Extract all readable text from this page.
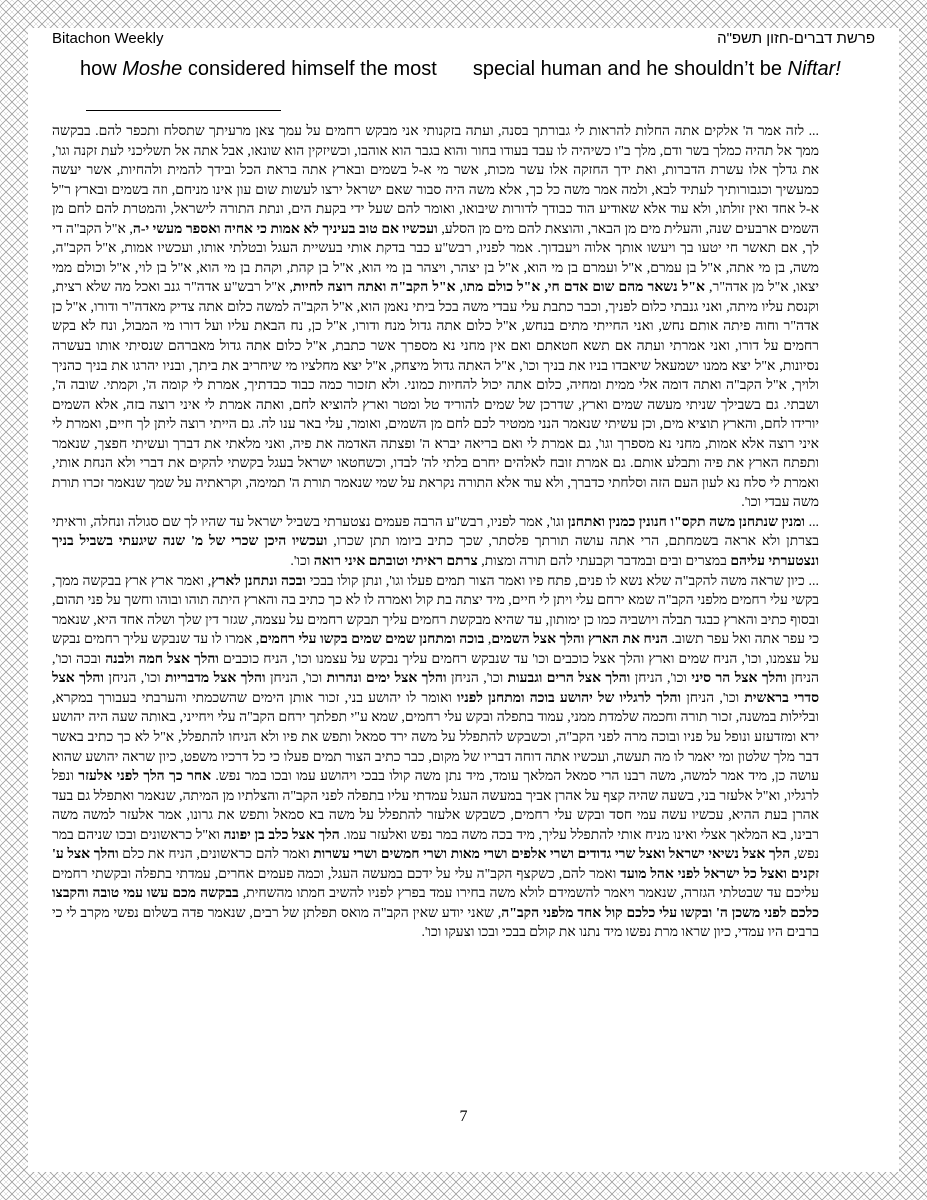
Bitachon Weekly	פרשת דברים-חזון תשפ"ה
how Moshe considered himself the most special human and he shouldn’t be Niftar!

... לזה אמר ה' אלקים אתה החלות להראות לי גבורתך בסנה, ועתה בזקנותי אני מבקש רחמים על עמך צאן מרעיתך שתסלח ותכפר להם. בבקשה ממך אל תהיה כמלך בשר ודם, מלך ב"ו כשיהיה לו עבד בעודו בחור והוא בגבר הוא אוהבו, וכשיזקין הוא שונאו, אבל אתה אל תשליכני לעת זקנה וגו', את גדלך אלו עשרת הדברות, ואת ידך החזקה אלו עשר מכות, אשר מי א-ל בשמים ובארץ אתה בראת הכל ובידך להמית ולהחיות, אשר יעשה כמעשיך וכגבורותיך לעתיד לבא, ולמה אמר משה כל כך, אלא משה היה סבור שאם ישראל ירצו לעשות שום עון אינו מניחם, וזה בשמים ובארץ ר"ל א-ל אחד ואין זולתו, ולא עוד אלא שאודיע הוד כבודך לדורות שיבואו, ואומר להם שעל ידי בקעת הים, ונתת התורה לישראל, והמטרת להם לחם מן השמים ארבעים שנה, והעלית מים מן הבאר, והוצאת להם מים מן הסלע, ועכשיו אם טוב בעיניך לא אמות כי אחיה ואספר מעשי י-ה, א"ל הקב"ה די לך, אם תאשר חי יטעו בך ויעשו אותך אלוה ויעבדוך. אמר לפניו, רבש"ע כבר בדקת אותי בעשיית העגל ובטלתי אותו, ועכשיו אמות, א"ל הקב"ה, משה, בן מי אתה, א"ל בן עמרם, א"ל ועמרם בן מי הוא, א"ל בן יצהר, ויצהר בן מי הוא, א"ל בן קהת, וקהת בן מי הוא, א"ל בן לוי, א"ל וכולם ממי יצאו, א"ל מן אדה"ר, א"ל נשאר מהם שום אדם חי, א"ל כולם מתו, א"ל הקב"ה ואתה רוצה לחיות, א"ל רבש"ע אדה"ר גנב ואכל מה שלא רצית, וקנסת עליו מיתה, ואני גנבתי כלום לפניך, וכבר כתבת עלי עבדי משה בכל ביתי נאמן הוא, א"ל הקב"ה למשה כלום אתה צדיק מאדה"ר ודורו, א"ל כן אדה"ר וחוה פיתה אותם נחש, ואני החייתי מתים בנחש, א"ל כלום אתה גדול מנח ודורו, א"ל כן, נח הבאת עליו ועל דורו מי המבול, ונח לא בקש רחמים על דורו, ואני אמרתי ועתה אם תשא חטאתם ואם אין מחני נא מספרך אשר כתבת, א"ל כלום אתה גדול מאברהם שנסיתי אותו בעשרה נסיונות, א"ל יצא ממנו ישמעאל שיאבדו בניו את בניך וכו', א"ל האתה גדול מיצחק, א"ל יצא מחלציו מי שיחריב את ביתך, ובניו יהרגו את בניך כהניך ולויך, א"ל הקב"ה ואתה דומה אלי ממית ומחיה, כלום אתה יכול להחיות כמוני. ולא תזכור כמה כבוד כבדתיך, אמרת לי קומה ה', וקמתי. שובה ה', ושבתי. גם בשבילך שניתי מעשה שמים וארץ, שדרכן של שמים להוריד טל ומטר וארץ להוציא לחם, ואתה אמרת לי איני רוצה בזה, אלא השמים יורידו לחם, והארץ תוציא מים, וכן עשיתי שנאמר הנני ממטיר לכם לחם מן השמים, ואומר, עלי באר ענו לה. גם הייתי רוצה ליתן לך חיים, ואמרת לי איני רוצה אלא אמות, מחני נא מספרך וגו', גם אמרת לי ואם בריאה יברא ה' ופצתה האדמה את פיה, ואני מלאתי את דברך ועשיתי חפצך, שנאמר ותפתח הארץ את פיה ותבלע אותם. גם אמרת זובח לאלהים יחרם בלתי לה' לבדו, וכשחטאו ישראל בעגל בקשתי להקים את דברי ולא הנחת אותי, ואמרת לי סלח נא לעון העם הזה וסלחתי כדברך, ולא עוד אלא התורה נקראת על שמי שנאמר תורת ה' תמימה, וקראתיה על שמך שנאמר זכרו תורת משה עבדי וכו'.

... ומנין שנתחנן משה תקס"ו חנונין כמנין ואתחנן וגו', אמר לפניו, רבש"ע הרבה פעמים נצטערתי בשביל ישראל עד שהיו לך שם סגולה ונחלה, וראיתי בצרתן ולא אראה בשמחתם, הרי אתה עושה תורתך פלסתר, שכך כתיב ביומו תתן שכרו, ועכשיו היכן שכרי של מ' שנה שיגעתי בשביל בניך ונצטערתי עליהם במצרים ובים ובמדבר וקבעתי להם תורה ומצות, צרתם ראיתי וטובתם איני רואה וכו'.

... כיון שראה משה להקב"ה שלא נשא לו פנים, פתח פיו ואמר הצור תמים פעלו וגו', ונתן קולו בבכי ובכה ונתחנן לארץ, ואמר ארץ ארץ בבקשה ממך, בקשי עלי רחמים מלפני הקב"ה שמא ירחם עלי ויתן לי חיים, מיד יצתה בת קול ואמרה לו לא כך כתיב בה והארץ היתה תוהו ובוהו וחשך על פני תהום, ובסוף כתיב והארץ כבגד תבלה ויושביה כמו כן ימותון, עד שהיא מבקשת רחמים עליך תבקש רחמים על עצמה, שגזר דין שלך ושלה אחד היא, שנאמר כי עפר אתה ואל עפר תשוב. הניח את הארץ והלך אצל השמים, בוכה ומתחנן שמים שמים בקשו עלי רחמים, אמרו לו עד שנבקש עליך רחמים נבקש על עצמנו, וכו', הניח שמים וארץ והלך אצל כוכבים וכו' עד שנבקש רחמים עליך נבקש על עצמנו וכו', הניח כוכבים והלך אצל חמה ולבנה ובכה וכו', הניחן והלך אצל הר סיני וכו', הניחן והלך אצל הרים וגבעות וכו', הניחן והלך אצל ימים ונהרות וכו', הניחן והלך אצל מדבריות וכו', הניחן והלך אצל סדרי בראשית וכו', הניחן והלך לרגליו של יהושע בוכה ומתחנן לפניו ואומר לו יהושע בני, זכור אותן הימים שהשכמתי והערבתי בעבורך במקרא, ובלילות במשנה, זכור תורה וחכמה שלמדת ממני, עמוד בתפלה ובקש עלי רחמים, שמא ע"י תפלתך ירחם הקב"ה עלי ויחייני, באותה שעה היה יהושע ירא ומזדעזע ונופל על פניו ובוכה מרה לפני הקב"ה, וכשבקש להתפלל על משה ירד סמאל ותפש את פיו ולא הניחו להתפלל, א"ל לא כך כתיב באשר דבר מלך שלטון ומי יאמר לו מה תעשה, ועכשיו אתה דוחה דבריו של מקום, כבר כתיב הצור תמים פעלו כי כל דרכיו משפט, כיון שראה יהושע שהוא עושה כן, מיד אמר למשה, משה רבנו הרי סמאל המלאך עומד, מיד נתן משה קולו בבכי ויהושע עמו ובכו במר נפש. אחר כך הלך לפני אלעזר ונפל לרגליו, וא"ל אלעזר בני, בשעה שהיה קצף על אהרן אביך במעשה העגל עמדתי עליו בתפלה לפני הקב"ה והצלתיו מן המיתה, שנאמר ואתפלל גם בעד אהרן בעת ההיא, עכשיו עשה עמי חסד ובקש עלי רחמים, כשבקש אלעזר להתפלל על משה בא סמאל ותפש את גרונו, אמר אלעזר למשה משה רבינו, בא המלאך אצלי ואינו מניח אותי להתפלל עליך, מיד בכה משה במר נפש ואלעזר עמו. הלך אצל כלב בן יפונה וא"ל כראשונים ובכו שניהם במר נפש, הלך אצל נשיאי ישראל ואצל שרי גדודים ושרי אלפים ושרי מאות ושרי חמשים ושרי עשרות ואמר להם כראשונים, הניח את כלם והלך אצל ע' זקנים ואצל כל ישראל לפני אהל מועד ואמר להם, כשקצף הקב"ה עלי על ידכם במעשה העגל, וכמה פעמים אחרים, עמדתי בתפלה ובקשתי רחמים עליכם עד שבטלתי הגזרה, שנאמר ויאמר להשמידם לולא משה בחירו עמד בפרץ לפניו להשיב חמתו מהשחית, בבקשה מכם עשו עמי טובה והקבצו כלכם לפני משכן ה' ובקשו עלי כלכם קול אחד מלפני הקב"ה, שאני יודע שאין הקב"ה מואס תפלתן של רבים, שנאמר פדה בשלום נפשי מקרב לי כי ברבים היו עמדי, כיון שראו מרת נפשו מיד נתנו את קולם בבכי ובכו וצעקו וכו'.

7
